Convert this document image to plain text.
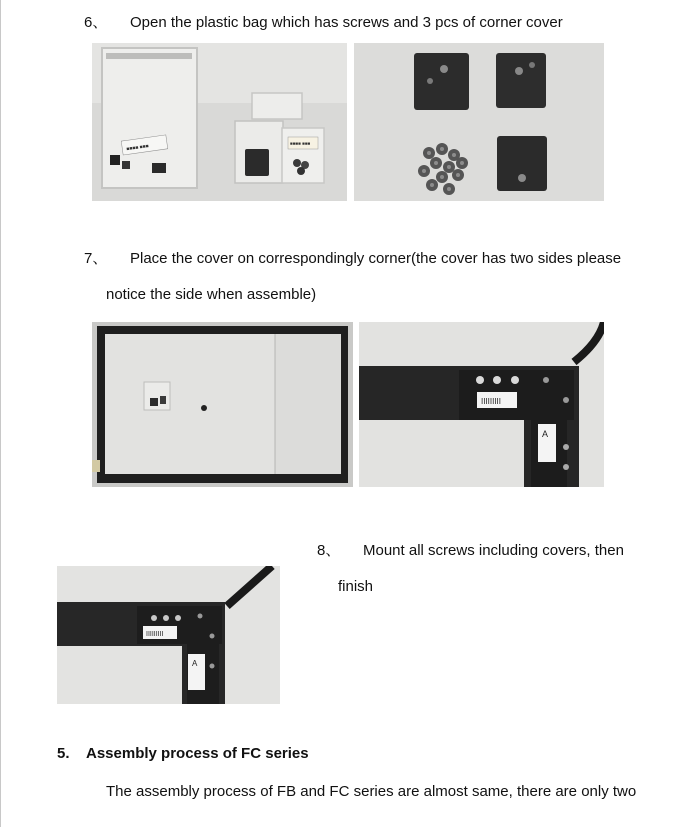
6、 Open the plastic bag which has screws and 3 pcs of corner cover
■■■■ ■■■	■■■■ ■■■
7、 Place the cover on correspondingly corner(the cover has two sides please
notice the side when assemble)
IIIIIIIII
A
8、 Mount all screws including covers, then
finish
IIIIIIIII
A
5. Assembly process of FC series
The assembly process of FB and FC series are almost same, there are only two
